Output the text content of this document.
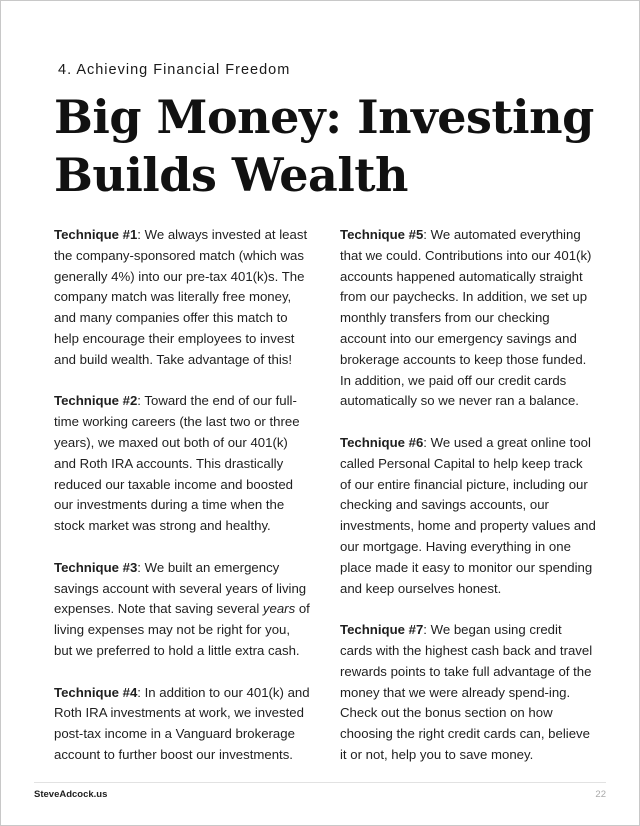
4. Achieving Financial Freedom
Big Money: Investing Builds Wealth

Technique #1: We always invested at least the company-sponsored match (which was generally 4%) into our pre-tax 401(k)s. The company match was literally free money, and many companies offer this match to help encourage their employees to invest and build wealth. Take advantage of this!

Technique #2: Toward the end of our full-time working careers (the last two or three years), we maxed out both of our 401(k) and Roth IRA accounts. This drastically reduced our taxable income and boosted our investments during a time when the stock market was strong and healthy.

Technique #3: We built an emergency savings account with several years of living expenses. Note that saving several years of living expenses may not be right for you, but we preferred to hold a little extra cash.

Technique #4: In addition to our 401(k) and Roth IRA investments at work, we invested post-tax income in a Vanguard brokerage account to further boost our investments.

Technique #5: We automated everything that we could. Contributions into our 401(k) accounts happened automatically straight from our paychecks. In addition, we set up monthly transfers from our checking account into our emergency savings and brokerage accounts to keep those funded. In addition, we paid off our credit cards automatically so we never ran a balance.

Technique #6: We used a great online tool called Personal Capital to help keep track of our entire financial picture, including our checking and savings accounts, our investments, home and property values and our mortgage. Having everything in one place made it easy to monitor our spending and keep ourselves honest.

Technique #7: We began using credit cards with the highest cash back and travel rewards points to take full advantage of the money that we were already spend-ing. Check out the bonus section on how choosing the right credit cards can, believe it or not, help you to save money.

SteveAdcock.us	22
